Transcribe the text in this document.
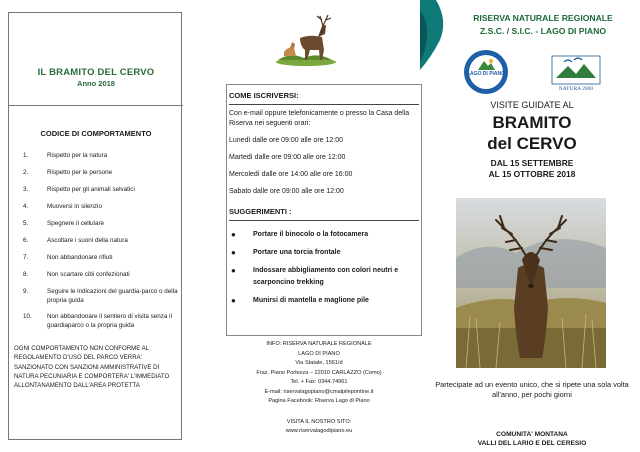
IL BRAMITO DEL CERVO
Anno 2018
CODICE DI COMPORTAMENTO
1.	Rispetto per la natura
2.	Rispetto per le persone
3.	Rispetto per gli animali selvatici
4.	Muoversi in silenzio
5.	Spegnere il cellulare
6.	Ascoltare i suoni della natura
7.	Non abbandonare rifiuti
8.	Non scartare cibi confezionati
9.	Seguire le indicazioni del guardia-parco o della propria guida
10.	Non abbandonare il sentiero di visita senza il guardiaparco o la propria guida
OGNI COMPORTAMENTO NON CONFORME AL REGOLAMENTO D'USO DEL PARCO VERRA' SANZIONATO CON SANZIONI AMMINISTRATIVE DI NATURA PECUNIARIA E COMPORTERA' L'IMMEDIATO ALLONTANAMENTO DALL'AREA PROTETTA
COME ISCRIVERSI:
Con e-mail oppure telefonicamente o presso la Casa della Riserva nei seguenti orari:
Lunedì dalle ore 09:00 alle ore 12:00
Martedì dalle ore 09:00 alle ore 12:00
Mercoledì dalle ore 14:00 alle ore 16:00
Sabato dalle ore 09:00 alle ore 12:00
SUGGERIMENTI :
●	Portare il binocolo o la fotocamera
●	Portare una torcia frontale
●	Indossare abbigliamento con colori neutri e scarponcino trekking
●	Munirsi di mantella e maglione pile
INFO: RISERVA NATURALE REGIONALE
LAGO DI PIANO
Via Statale, 1561/d
Fraz. Piano Porlezza – 22010 CARLAZZO (Como)
Tel. + Fax: 0344.74961
E-mail: riservalagopiano@cmalpilepontine.it
Pagina Facebook: Riserva Lago di Piano
VISITA IL NOSTRO SITO:
www.riservalagodipiano.eu
RISERVA NATURALE REGIONALE
Z.S.C. / S.I.C. - LAGO DI PIANO
LAGO DI PIANO
NATURA 2000
VISITE GUIDATE AL
BRAMITO
del CERVO
DAL 15 SETTEMBRE
AL 15 OTTOBRE 2018
Partecipate ad un evento unico, che si ripete una sola volta all'anno, per pochi giorni
COMUNITA' MONTANA
VALLI DEL LARIO E DEL CERESIO
